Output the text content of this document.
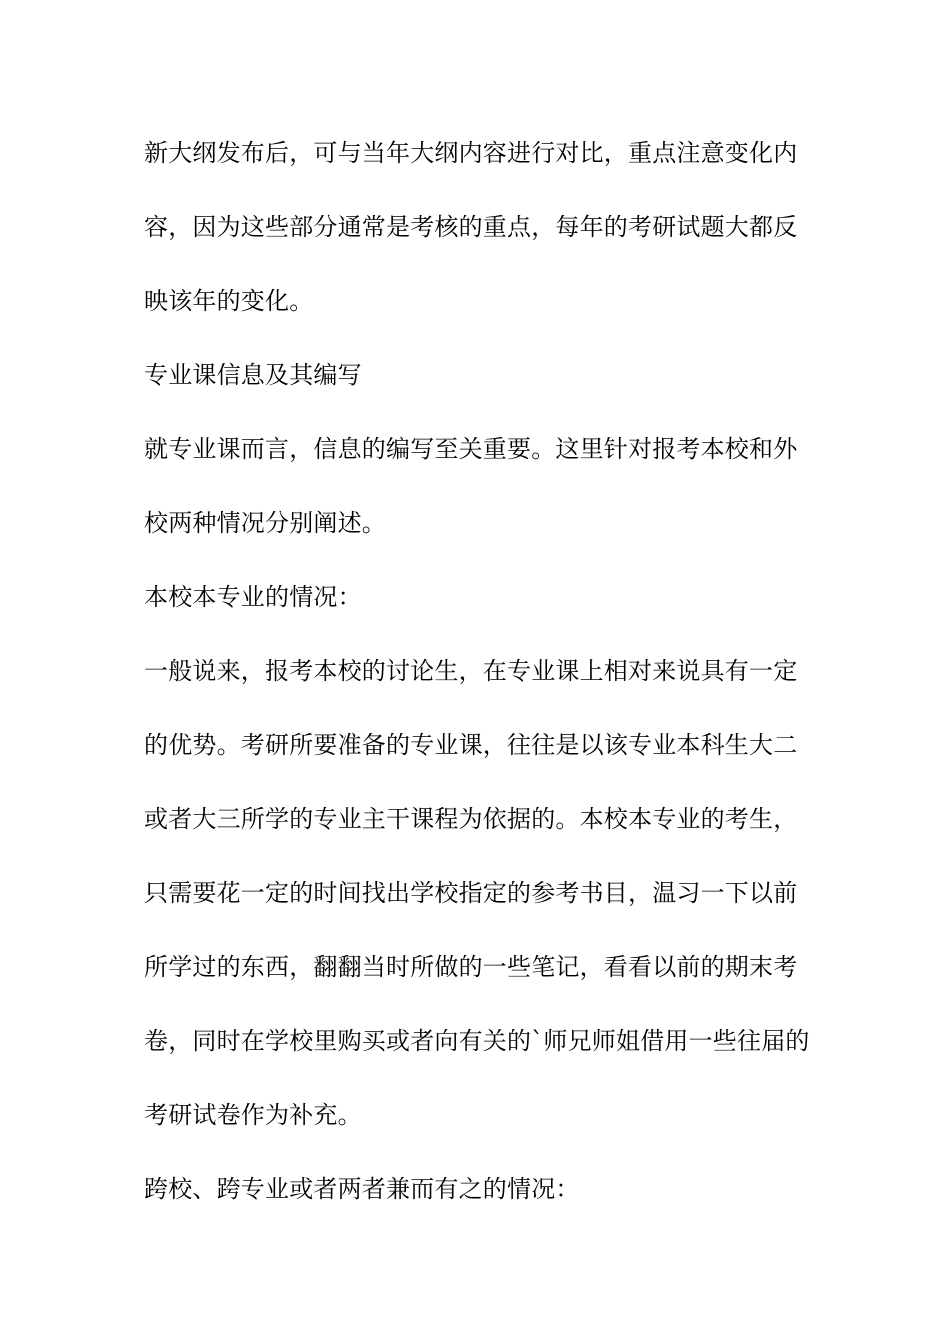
新大纲发布后，可与当年大纲内容进行对比，重点注意变化内
容，因为这些部分通常是考核的重点，每年的考研试题大都反
映该年的变化。
专业课信息及其编写
就专业课而言，信息的编写至关重要。这里针对报考本校和外
校两种情况分别阐述。
本校本专业的情况：
一般说来，报考本校的讨论生，在专业课上相对来说具有一定
的优势。考研所要准备的专业课，往往是以该专业本科生大二
或者大三所学的专业主干课程为依据的。本校本专业的考生，
只需要花一定的时间找出学校指定的参考书目，温习一下以前
所学过的东西，翻翻当时所做的一些笔记，看看以前的期末考
卷，同时在学校里购买或者向有关的`师兄师姐借用一些往届的
考研试卷作为补充。
跨校、跨专业或者两者兼而有之的情况：
